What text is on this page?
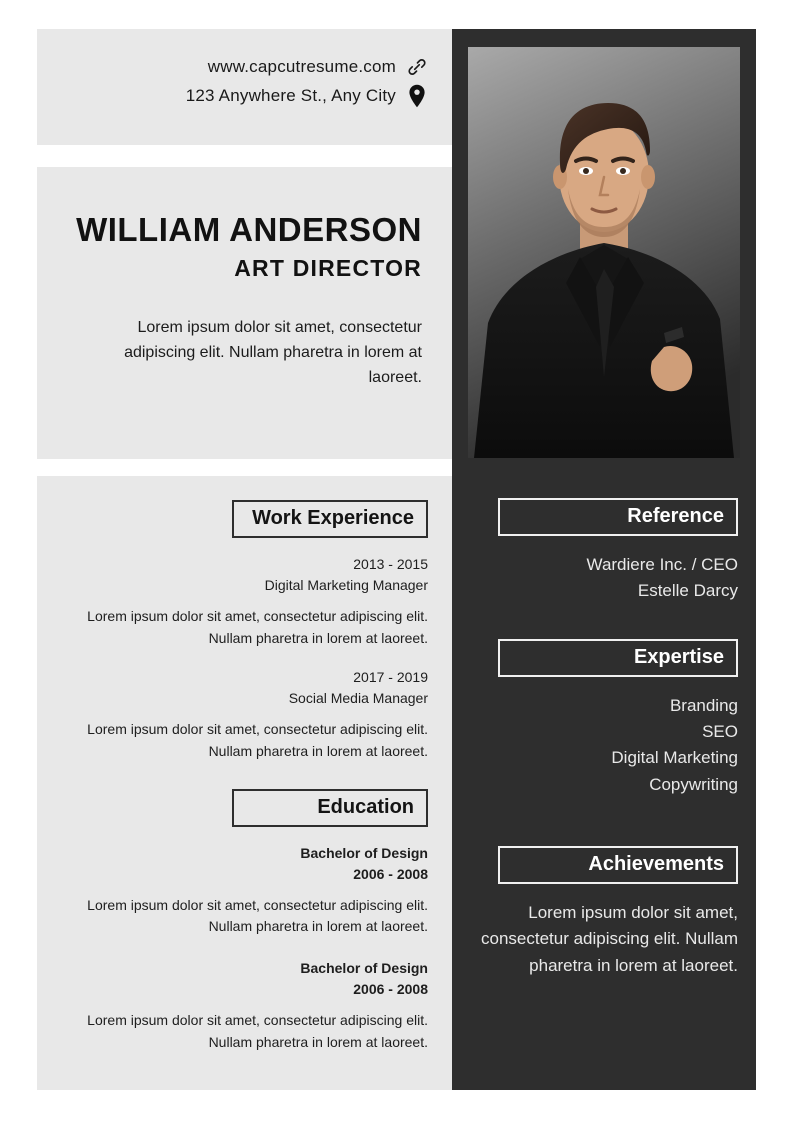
www.capcutresume.com
123 Anywhere St., Any City
WILLIAM ANDERSON
ART DIRECTOR
Lorem ipsum dolor sit amet, consectetur adipiscing elit. Nullam pharetra in lorem at laoreet.
Work Experience
2013 - 2015
Digital Marketing Manager
Lorem ipsum dolor sit amet, consectetur adipiscing elit. Nullam pharetra in lorem at laoreet.
2017 - 2019
Social Media Manager
Lorem ipsum dolor sit amet, consectetur adipiscing elit. Nullam pharetra in lorem at laoreet.
Education
Bachelor of Design
2006 - 2008
Lorem ipsum dolor sit amet, consectetur adipiscing elit. Nullam pharetra in lorem at laoreet.
Bachelor of Design
2006 - 2008
Lorem ipsum dolor sit amet, consectetur adipiscing elit. Nullam pharetra in lorem at laoreet.
Reference
Wardiere Inc. / CEO
Estelle Darcy
Expertise
Branding
SEO
Digital Marketing
Copywriting
Achievements
Lorem ipsum dolor sit amet, consectetur adipiscing elit. Nullam pharetra in lorem at laoreet.
